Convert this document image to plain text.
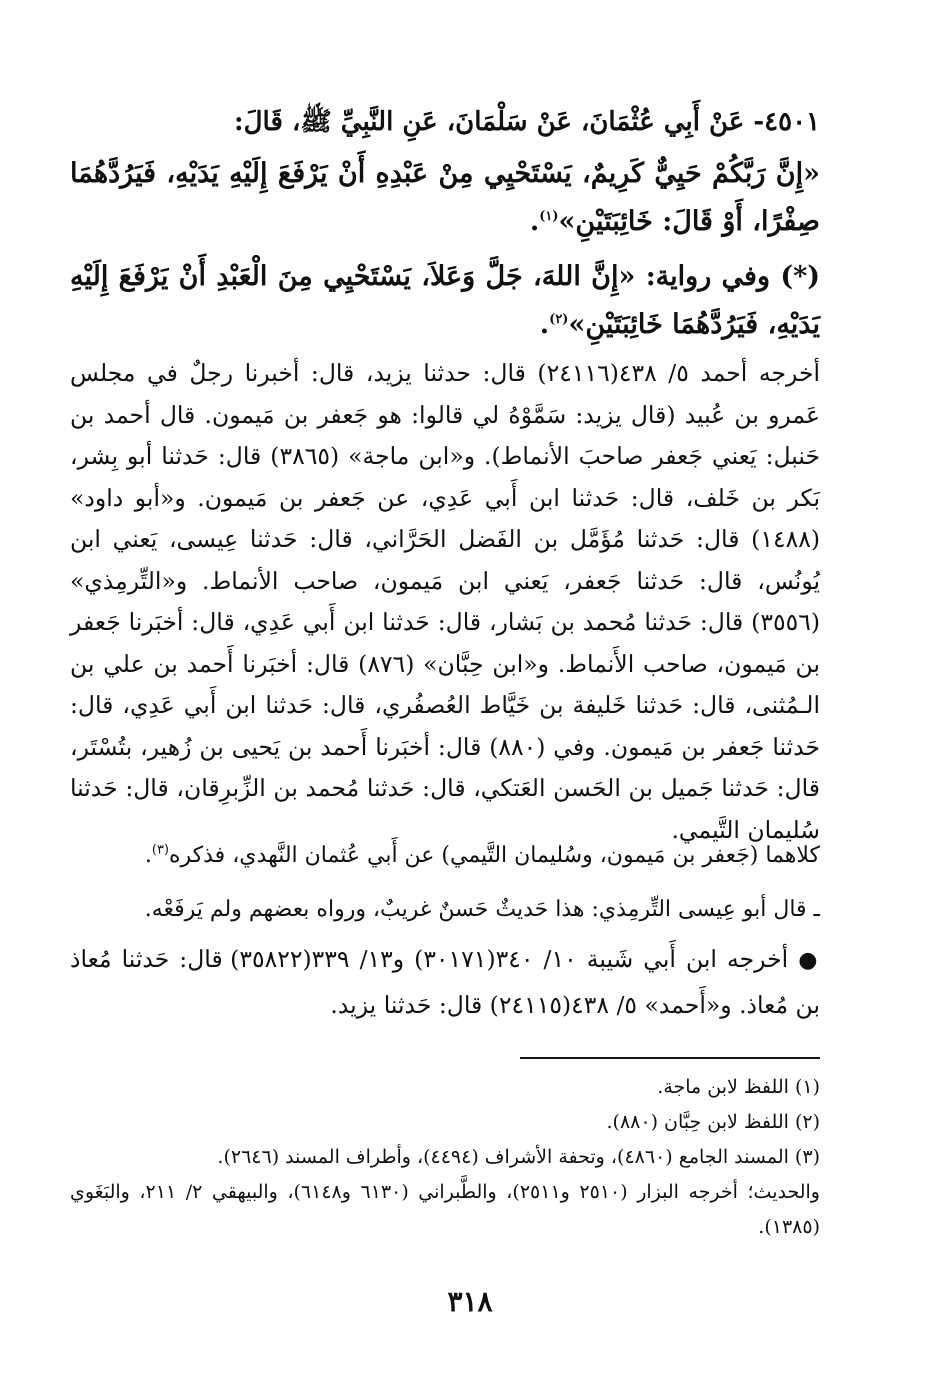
٤٥٠١- عَنْ أَبِي عُثْمَانَ، عَنْ سَلْمَانَ، عَنِ النَّبِيِّ ﷺ، قَالَ:

«إِنَّ رَبَّكُمْ حَيِيٌّ كَرِيمٌ، يَسْتَحْيِي مِنْ عَبْدِهِ أَنْ يَرْفَعَ إِلَيْهِ يَدَيْهِ، فَيَرُدَّهُمَا صِفْرًا، أَوْ قَالَ: خَائِبَتَيْنِ»$^{(١)}$.

(*) وفي رواية: «إِنَّ اللهَ، جَلَّ وَعَلاَ، يَسْتَحْيِي مِنَ الْعَبْدِ أَنْ يَرْفَعَ إِلَيْهِ يَدَيْهِ، فَيَرُدَّهُمَا خَائِبَتَيْنِ»$^{(٢)}$.

أخرجه أحمد ٥/ ٤٣٨(٢٤١١٦) قال: حدثنا يزيد، قال: أخبرنا رجلٌ في مجلس عَمرو بن عُبيد (قال يزيد: سَمَّوْهُ لي قالوا: هو جَعفر بن مَيمون. قال أحمد بن حَنبل: يَعني جَعفر صاحبَ الأنماط). و«ابن ماجة» (٣٨٦٥) قال: حَدثنا أبو بِشر، بَكر بن خَلف، قال: حَدثنا ابن أَبي عَدِي، عن جَعفر بن مَيمون. و«أبو داود» (١٤٨٨) قال: حَدثنا مُؤَمَّل بن الفَضل الحَرَّاني، قال: حَدثنا عِيسى، يَعني ابن يُونُس، قال: حَدثنا جَعفر، يَعني ابن مَيمون، صاحب الأنماط. و«التِّرمِذي» (٣٥٥٦) قال: حَدثنا مُحمد بن بَشار، قال: حَدثنا ابن أَبي عَدِي، قال: أخبَرنا جَعفر بن مَيمون، صاحب الأَنماط. و«ابن حِبَّان» (٨٧٦) قال: أخبَرنا أَحمد بن علي بن الـمُثنى، قال: حَدثنا خَليفة بن خَيَّاط العُصفُري، قال: حَدثنا ابن أَبي عَدِي، قال: حَدثنا جَعفر بن مَيمون. وفي (٨٨٠) قال: أخبَرنا أَحمد بن يَحيى بن زُهير، بتُسْتَر، قال: حَدثنا جَميل بن الحَسن العَتكي، قال: حَدثنا مُحمد بن الزِّبرِقان، قال: حَدثنا سُليمان التَّيمي.

كلاهما (جَعفر بن مَيمون، وسُليمان التَّيمي) عن أَبي عُثمان النَّهدي، فذكره$^{(٣)}$.

ـ قال أبو عِيسى التِّرمِذي: هذا حَديثٌ حَسنٌ غريبٌ، ورواه بعضهم ولم يَرفَعْه.

● أخرجه ابن أَبي شَيبة ١٠/ ٣٤٠(٣٠١٧١) و١٣/ ٣٣٩(٣٥٨٢٢) قال: حَدثنا مُعاذ بن مُعاذ. و«أَحمد» ٥/ ٤٣٨(٢٤١١٥) قال: حَدثنا يزيد.

(١) اللفظ لابن ماجة.

(٢) اللفظ لابن حِبَّان (٨٨٠).

(٣) المسند الجامع (٤٨٦٠)، وتحفة الأشراف (٤٤٩٤)، وأطراف المسند (٢٦٤٦).

والحديث؛ أخرجه البزار (٢٥١٠ و٢٥١١)، والطَّبراني (٦١٣٠ و٦١٤٨)، والبيهقي ٢/ ٢١١، والبَغَوي (١٣٨٥).

٣١٨
